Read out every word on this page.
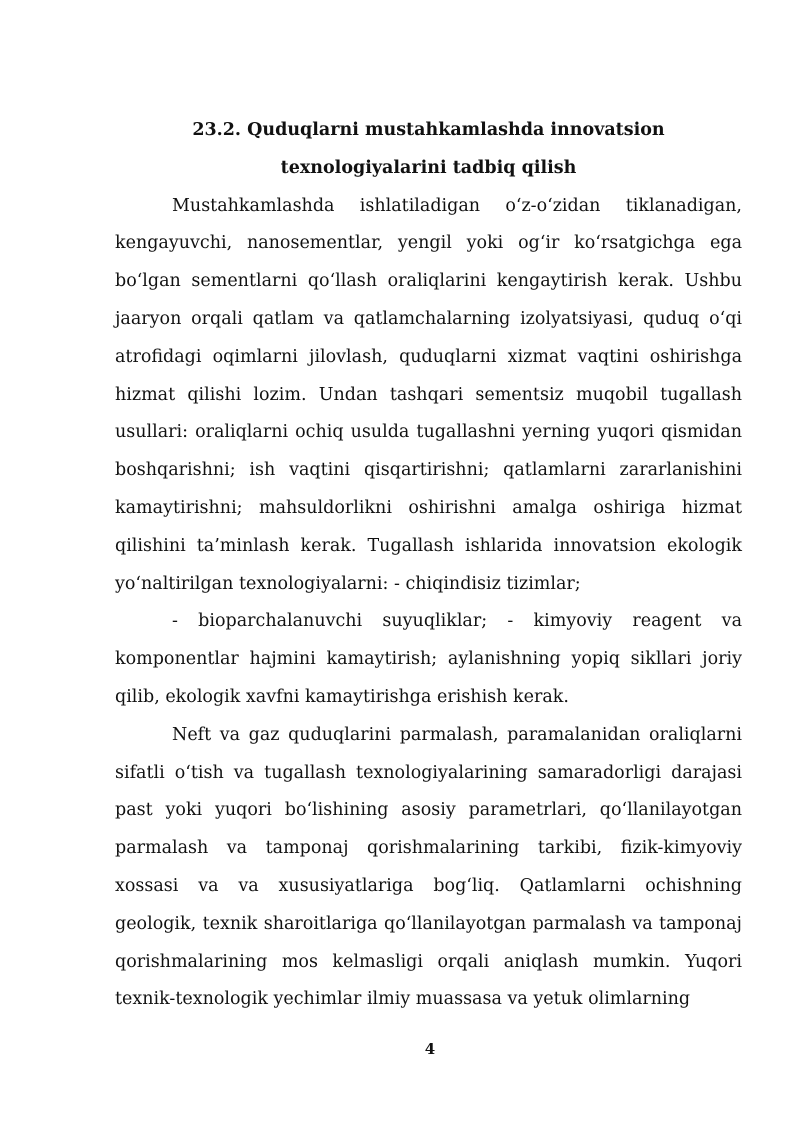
23.2. Quduqlarni mustahkamlashda innovatsion

texnologiyalarini tadbiq qilish

Mustahkamlashda ishlatiladigan o‘z-o‘zidan tiklanadigan, kengayuvchi, nanosementlar, yengil yoki og‘ir ko‘rsatgichga ega bo‘lgan sementlarni qo‘llash oraliqlarini kengaytirish kerak. Ushbu jaaryon orqali qatlam va qatlamchalarning izolyatsiyasi, quduq o‘qi atrofidagi oqimlarni jilovlash, quduqlarni xizmat vaqtini oshirishga hizmat qilishi lozim. Undan tashqari sementsiz muqobil tugallash usullari: oraliqlarni ochiq usulda tugallashni yerning yuqori qismidan boshqarishni; ish vaqtini qisqartirishni; qatlamlarni zararlanishini kamaytirishni; mahsuldorlikni oshirishni amalga oshiriga hizmat qilishini ta’minlash kerak. Tugallash ishlarida innovatsion ekologik yo‘naltirilgan texnologiyalarni: - chiqindisiz tizimlar;

- bioparchalanuvchi suyuqliklar; - kimyoviy reagent va komponentlar hajmini kamaytirish; aylanishning yopiq sikllari joriy qilib, ekologik xavfni kamaytirishga erishish kerak.

Neft va gaz quduqlarini parmalash, paramalanidan oraliqlarni sifatli o‘tish va tugallash texnologiyalarining samaradorligi darajasi past yoki yuqori bo‘lishining asosiy parametrlari, qo‘llanilayotgan parmalash va tamponaj qorishmalarining tarkibi, fizik-kimyoviy xossasi va va xususiyatlariga bog‘liq. Qatlamlarni ochishning geologik, texnik sharoitlariga qo‘llanilayotgan parmalash va tamponaj qorishmalarining mos kelmasligi orqali aniqlash mumkin. Yuqori texnik-texnologik yechimlar ilmiy muassasa va yetuk olimlarning

4
